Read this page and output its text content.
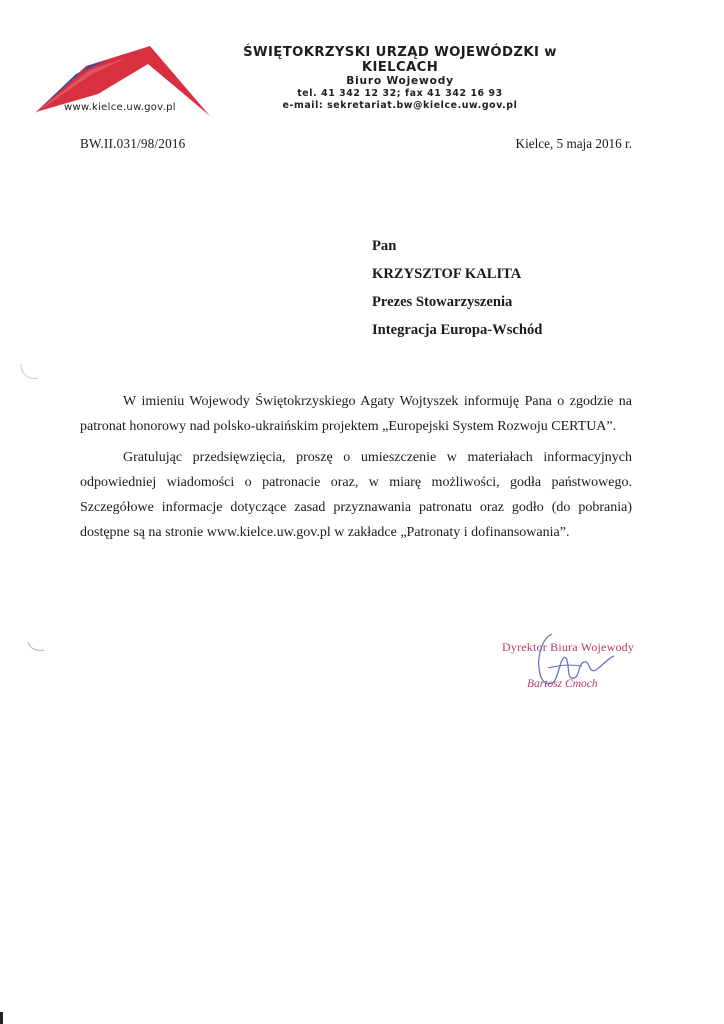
www.kielce.uw.gov.pl
ŚWIĘTOKRZYSKI URZĄD WOJEWÓDZKI w KIELCACH
Biuro Wojewody
tel. 41 342 12 32; fax 41 342 16 93
e-mail: sekretariat.bw@kielce.uw.gov.pl
BW.II.031/98/2016	Kielce, 5 maja 2016 r.
Pan
KRZYSZTOF KALITA
Prezes Stowarzyszenia
Integracja Europa-Wschód

W imieniu Wojewody Świętokrzyskiego Agaty Wojtyszek informuję Pana o zgodzie na patronat honorowy nad polsko-ukraińskim projektem „Europejski System Rozwoju CERTUA”.

Gratulując przedsięwzięcia, proszę o umieszczenie w materiałach informacyjnych odpowiedniej wiadomości o patronacie oraz, w miarę możliwości, godła państwowego. Szczegółowe informacje dotyczące zasad przyznawania patronatu oraz godło (do pobrania) dostępne są na stronie www.kielce.uw.gov.pl w zakładce „Patronaty i dofinansowania”.

Dyrektor Biura Wojewody
Bartosz Cmoch
